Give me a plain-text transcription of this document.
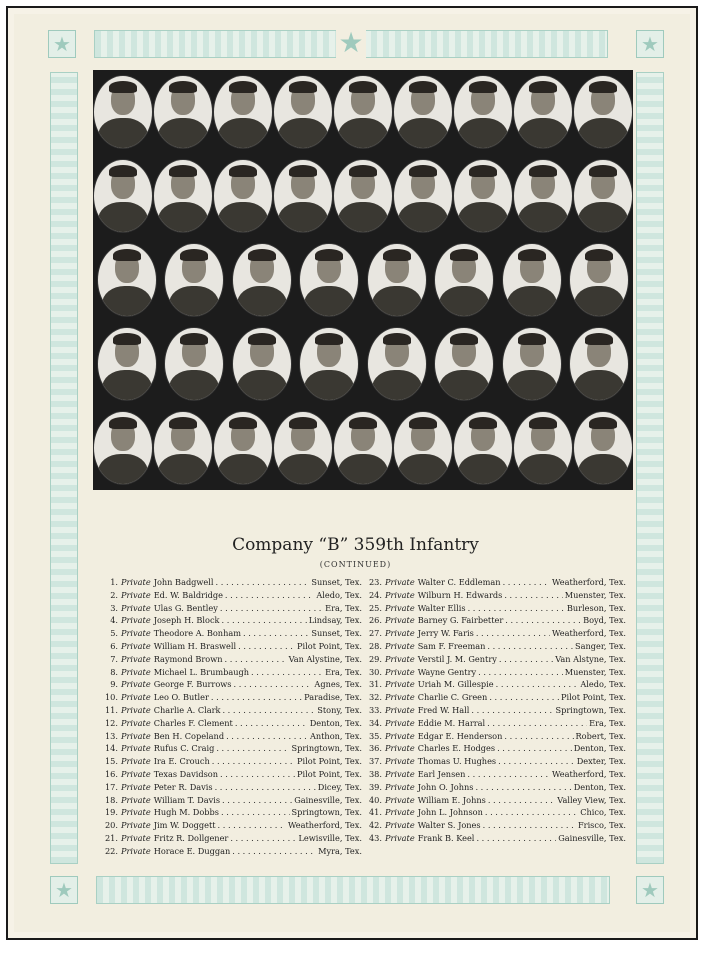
★	★
★	★
★
Company “B” 359th Infantry
(CONTINUED)
1. Private John Badgwell . . .	Sunset, Tex.
2. Private Ed. W. Baldridge . . .	Aledo, Tex.
3. Private Ulas G. Bentley . . .	Era, Tex.
4. Private Joseph H. Block . . .	Lindsay, Tex.
5. Private Theodore A. Bonham . . .	Sunset, Tex.
6. Private William H. Braswell . . .	Pilot Point, Tex.
7. Private Raymond Brown . . .	Van Alystine, Tex.
8. Private Michael L. Brumbaugh . . .	Era, Tex.
9. Private George F. Burrows . . .	Agnes, Tex.
10. Private Leo O. Butler . . .	Paradise, Tex.
11. Private Charlie A. Clark . . .	Stony, Tex.
12. Private Charles F. Clement . . .	Denton, Tex.
13. Private Ben H. Copeland . . .	Anthon, Tex.
14. Private Rufus C. Craig . . .	Springtown, Tex.
15. Private Ira E. Crouch . . .	Pilot Point, Tex.
16. Private Texas Davidson . . .	Pilot Point, Tex.
17. Private Peter R. Davis . . .	Dicey, Tex.
18. Private William T. Davis . . .	Gainesville, Tex.
19. Private Hugh M. Dobbs . . .	Springtown, Tex.
20. Private Jim W. Doggett . . .	Weatherford, Tex.
21. Private Fritz R. Dollgener . . .	Lewisville, Tex.
22. Private Horace E. Duggan . . .	Myra, Tex.
23. Private Walter C. Eddleman . . .	Weatherford, Tex.
24. Private Wilburn H. Edwards . . .	Muenster, Tex.
25. Private Walter Ellis . . .	Burleson, Tex.
26. Private Barney G. Fairbetter . . .	Boyd, Tex.
27. Private Jerry W. Faris . . .	Weatherford, Tex.
28. Private Sam F. Freeman . . .	Sanger, Tex.
29. Private Verstil J. M. Gentry . . .	Van Alstyne, Tex.
30. Private Wayne Gentry . . .	Muenster, Tex.
31. Private Uriah M. Gillespie . . .	Aledo, Tex.
32. Private Charlie C. Green . . .	Pilot Point, Tex.
33. Private Fred W. Hall . . .	Springtown, Tex.
34. Private Eddie M. Harral . . .	Era, Tex.
35. Private Edgar E. Henderson . . .	Robert, Tex.
36. Private Charles E. Hodges . . .	Denton, Tex.
37. Private Thomas U. Hughes . . .	Dexter, Tex.
38. Private Earl Jensen . . .	Weatherford, Tex.
39. Private John O. Johns . . .	Denton, Tex.
40. Private William E. Johns . . .	Valley View, Tex.
41. Private John L. Johnson . . .	Chico, Tex.
42. Private Walter S. Jones . . .	Frisco, Tex.
43. Private Frank B. Keel . . .	Gainesville, Tex.
